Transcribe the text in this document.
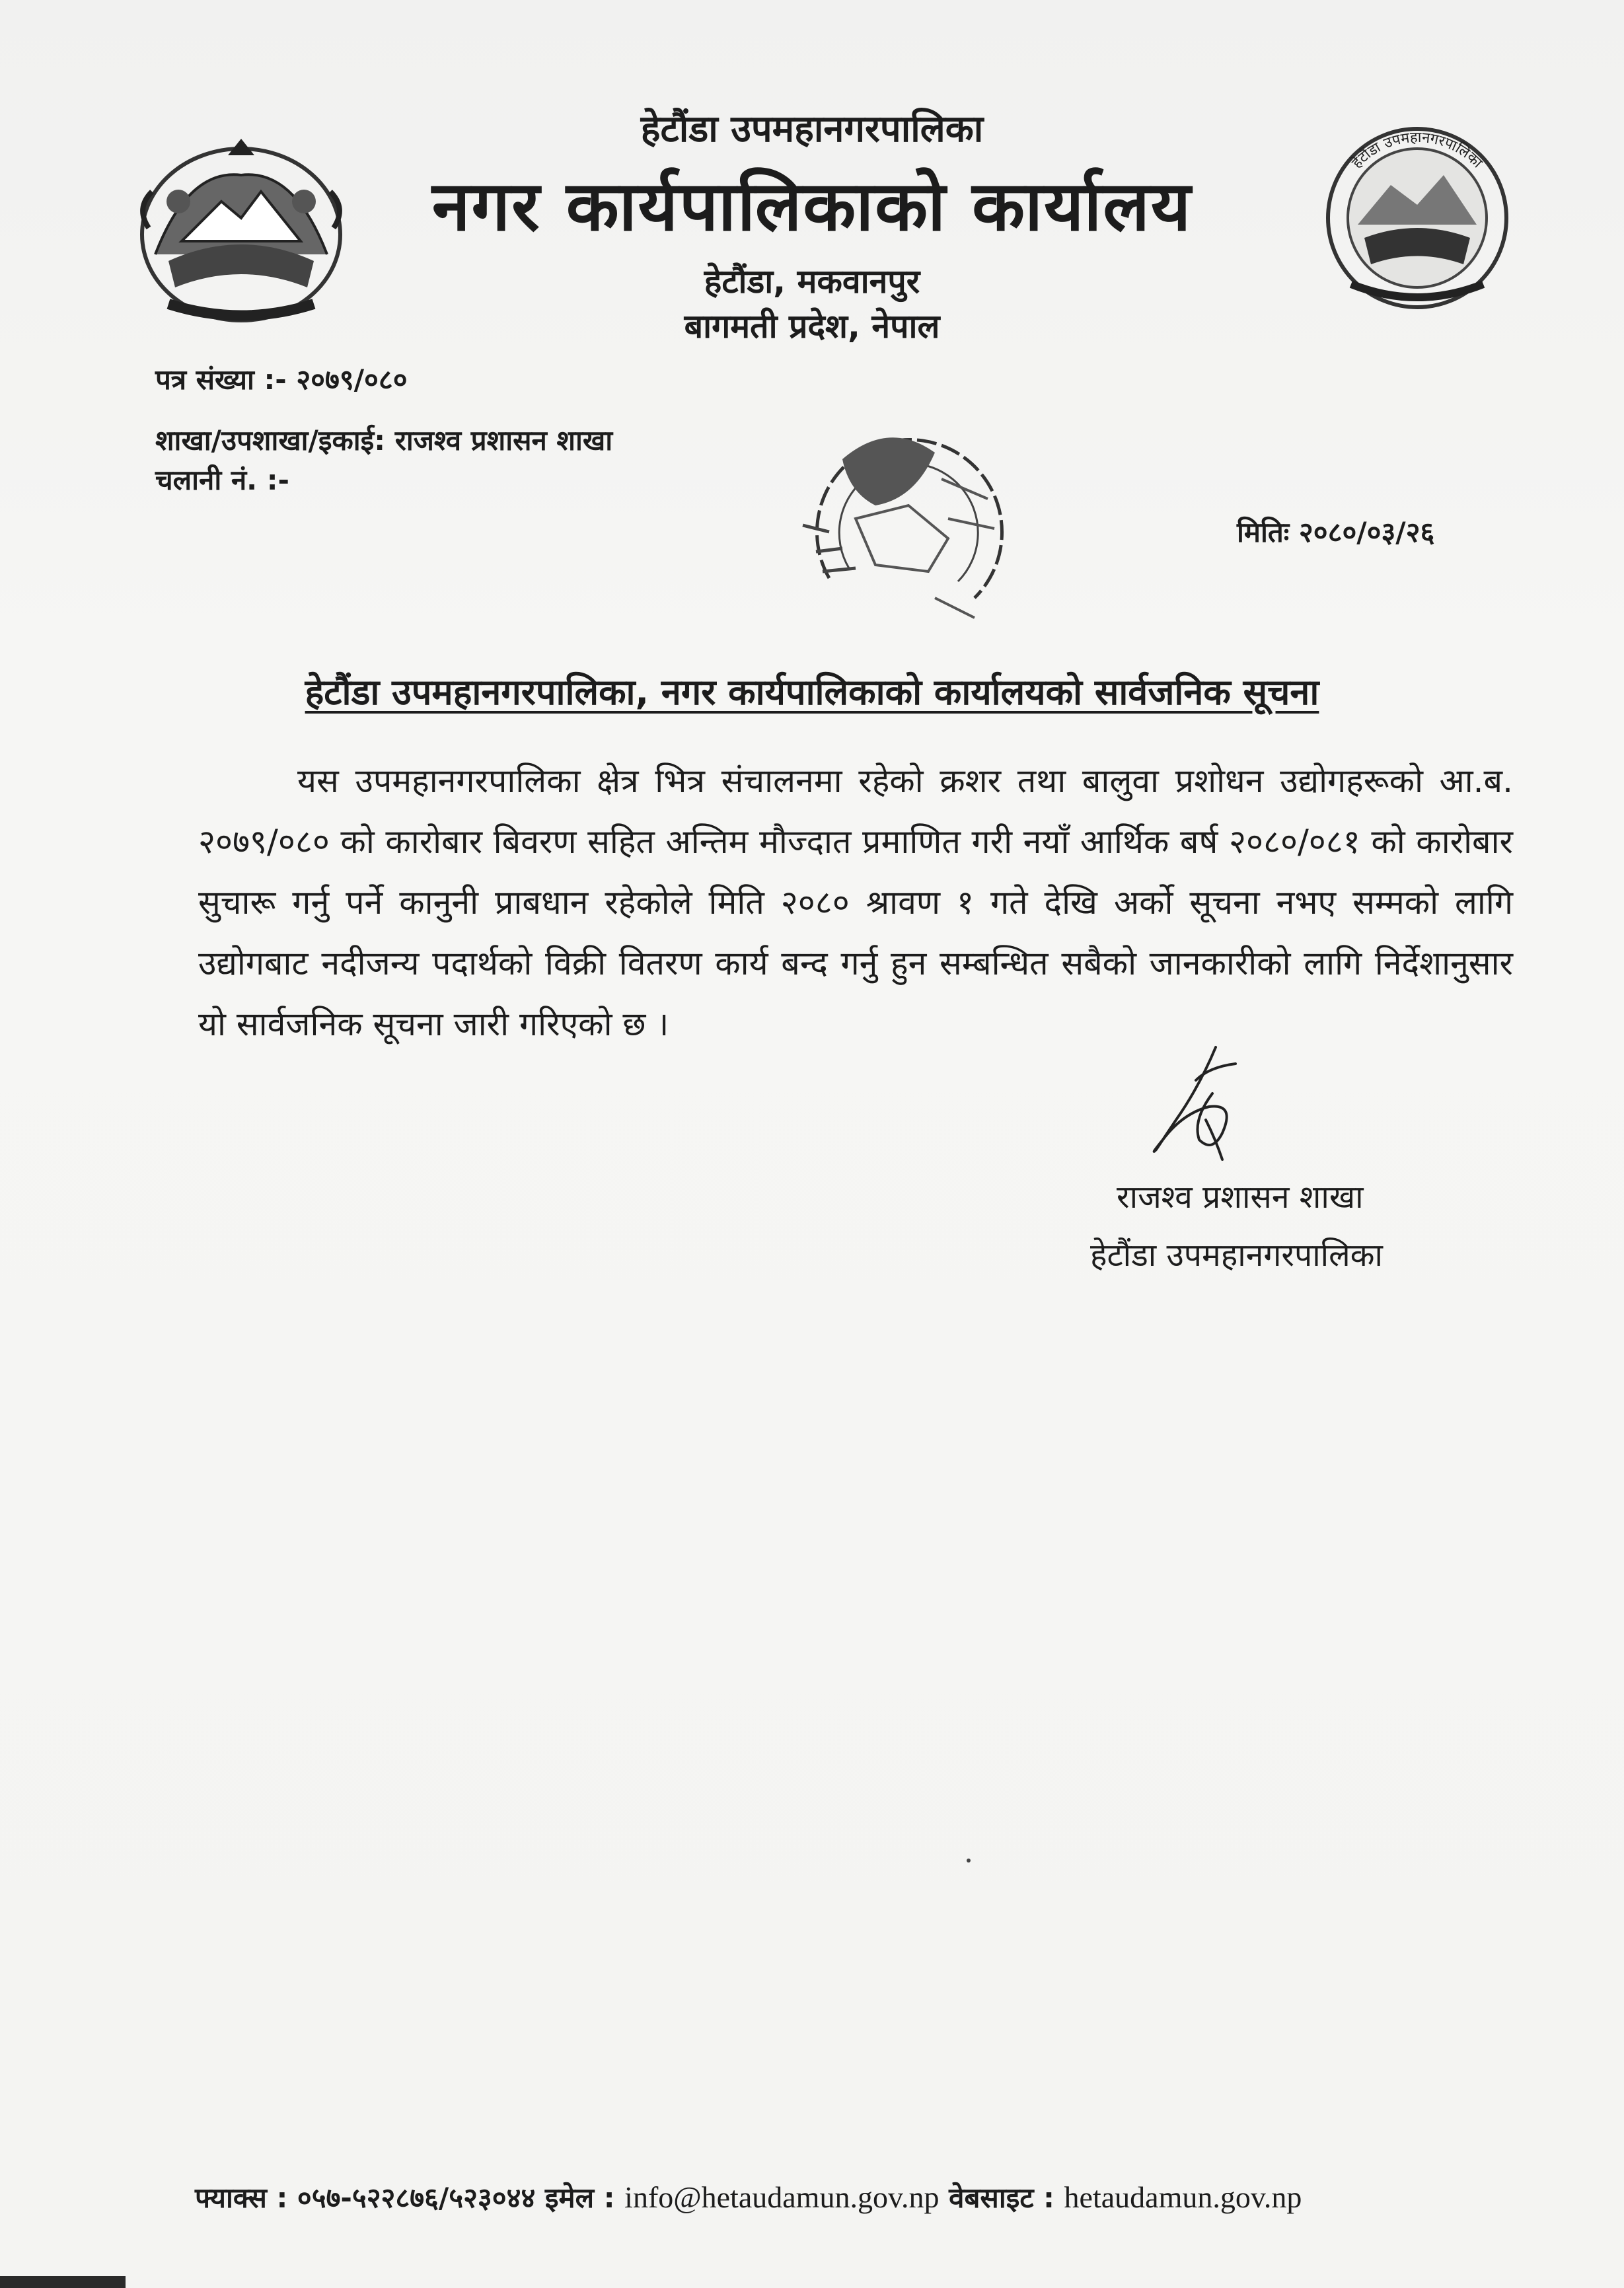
हेटौंडा उपमहानगरपालिका
नगर कार्यपालिकाको कार्यालय
हेटौंडा, मकवानपुर
बागमती प्रदेश, नेपाल
हेटौंडा उपमहानगरपालिका
पत्र संख्या :- २०७९/०८०
शाखा/उपशाखा/इकाई: राजश्व प्रशासन शाखा
चलानी नं. :-
मितिः २०८०/०३/२६
हेटौंडा उपमहानगरपालिका, नगर कार्यपालिकाको कार्यालयको सार्वजनिक सूचना
यस उपमहानगरपालिका क्षेत्र भित्र संचालनमा रहेको क्रशर तथा बालुवा प्रशोधन उद्योगहरूको आ.ब. २०७९/०८० को कारोबार बिवरण सहित अन्तिम मौज्दात प्रमाणित गरी नयाँ आर्थिक बर्ष २०८०/०८१ को कारोबार सुचारू गर्नु पर्ने कानुनी प्राबधान रहेकोले मिति २०८० श्रावण १ गते देखि अर्को सूचना नभए सम्मको लागि उद्योगबाट नदीजन्य पदार्थको विक्री वितरण कार्य बन्द गर्नु हुन सम्बन्धित सबैको जानकारीको लागि निर्देशानुसार यो सार्वजनिक सूचना जारी गरिएको छ ।
राजश्व प्रशासन शाखा
हेटौंडा उपमहानगरपालिका
फ्याक्स : ०५७-५२२८७६/५२३०४४ इमेल : info@hetaudamun.gov.np वेबसाइट : hetaudamun.gov.np
